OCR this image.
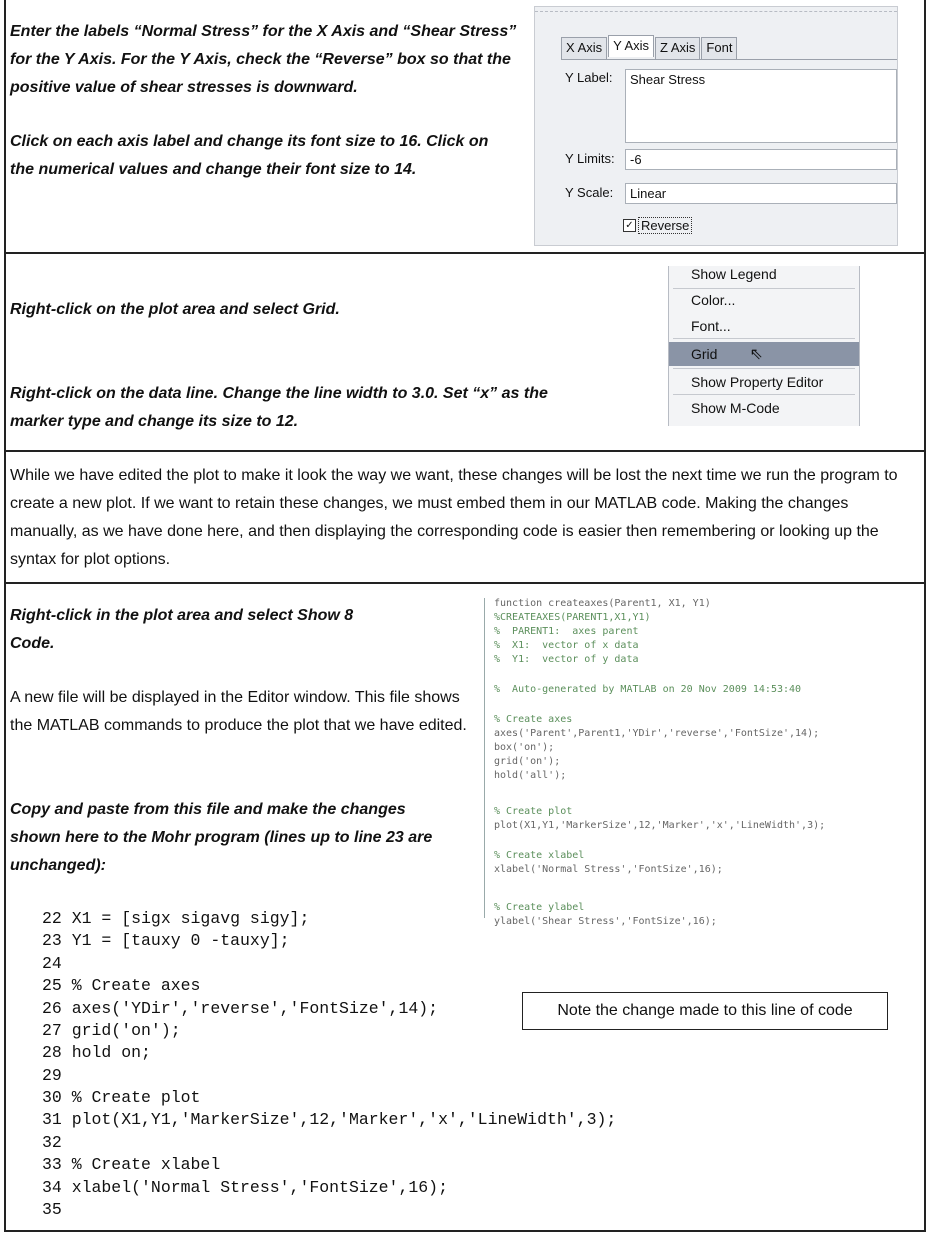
Enter the labels “Normal Stress” for the X Axis and “Shear Stress” for the Y Axis. For the Y Axis, check the “Reverse” box so that the positive value of shear stresses is downward.
Click on each axis label and change its font size to 16. Click on the numerical values and change their font size to 14.
X Axis Y Axis Z Axis Font
Y Label:	Shear Stress
Y Limits:	-6
Y Scale:	Linear
✓ Reverse
Right-click on the plot area and select Grid.
Right-click on the data line. Change the line width to 3.0. Set “x” as the marker type and change its size to 12.
Show Legend
Color...
Font...
Grid ⇖
Show Property Editor
Show M-Code
While we have edited the plot to make it look the way we want, these changes will be lost the next time we run the program to create a new plot. If we want to retain these changes, we must embed them in our MATLAB code. Making the changes manually, as we have done here, and then displaying the corresponding code is easier then remembering or looking up the syntax for plot options.
Right-click in the plot area and select Show 8 Code.
A new file will be displayed in the Editor window. This file shows the MATLAB commands to produce the plot that we have edited.
Copy and paste from this file and make the changes shown here to the Mohr program (lines up to line 23 are unchanged):
function createaxes(Parent1, X1, Y1)
%CREATEAXES(PARENT1,X1,Y1)
%  PARENT1:  axes parent
%  X1:  vector of x data
%  Y1:  vector of y data
%  Auto-generated by MATLAB on 20 Nov 2009 14:53:40
% Create axes
axes('Parent',Parent1,'YDir','reverse','FontSize',14);
box('on');
grid('on');
hold('all');
% Create plot
plot(X1,Y1,'MarkerSize',12,'Marker','x','LineWidth',3);
% Create xlabel
xlabel('Normal Stress','FontSize',16);
% Create ylabel
ylabel('Shear Stress','FontSize',16);
22 X1 = [sigx sigavg sigy];
23 Y1 = [tauxy 0 -tauxy];
24
25 % Create axes
26 axes('YDir','reverse','FontSize',14);
27 grid('on');
28 hold on;
29
30 % Create plot
31 plot(X1,Y1,'MarkerSize',12,'Marker','x','LineWidth',3);
32
33 % Create xlabel
34 xlabel('Normal Stress','FontSize',16);
35
Note the change made to this line of code
